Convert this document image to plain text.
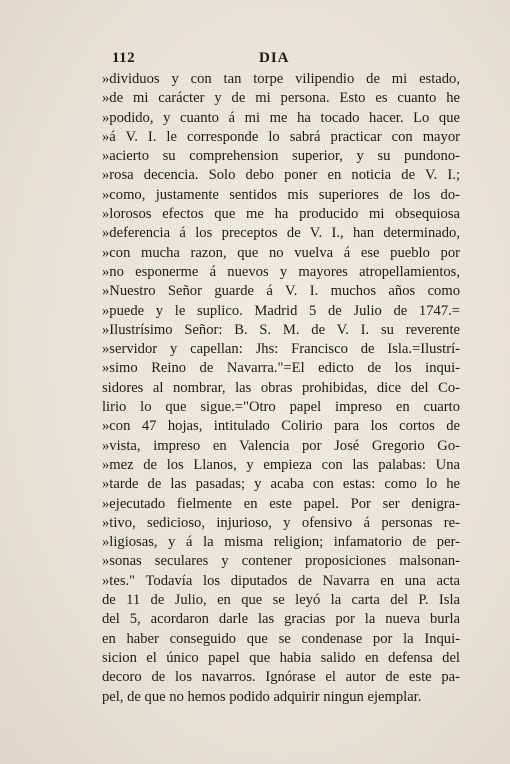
112	DIA
»dividuos y con tan torpe vilipendio de mi estado,
»de mi carácter y de mi persona. Esto es cuanto he
»podido, y cuanto á mi me ha tocado hacer. Lo que
»á V. I. le corresponde lo sabrá practicar con mayor
»acierto su comprehension superior, y su pundono-
»rosa decencia. Solo debo poner en noticia de V. I.;
»como, justamente sentidos mis superiores de los do-
»lorosos efectos que me ha producido mi obsequiosa
»deferencia á los preceptos de V. I., han determinado,
»con mucha razon, que no vuelva á ese pueblo por
»no esponerme á nuevos y mayores atropellamientos,
»Nuestro Señor guarde á V. I. muchos años como
»puede y le suplico. Madrid 5 de Julio de 1747.=
»Ilustrísimo Señor: B. S. M. de V. I. su reverente
»servidor y capellan: Jhs: Francisco de Isla.=Ilustrí-
»simo Reino de Navarra."=El edicto de los inqui-
sidores al nombrar, las obras prohibidas, dice del Co-
lirio lo que sigue.="Otro papel impreso en cuarto
»con 47 hojas, intitulado Colirio para los cortos de
»vista, impreso en Valencia por José Gregorio Go-
»mez de los Llanos, y empieza con las palabas: Una
»tarde de las pasadas; y acaba con estas: como lo he
»ejecutado fielmente en este papel. Por ser denigra-
»tivo, sedicioso, injurioso, y ofensivo á personas re-
»ligiosas, y á la misma religion; infamatorio de per-
»sonas seculares y contener proposiciones malsonan-
»tes." Todavía los diputados de Navarra en una acta
de 11 de Julio, en que se leyó la carta del P. Isla
del 5, acordaron darle las gracias por la nueva burla
en haber conseguido que se condenase por la Inqui-
sicion el único papel que habia salido en defensa del
decoro de los navarros. Ignórase el autor de este pa-
pel, de que no hemos podido adquirir ningun ejemplar.
